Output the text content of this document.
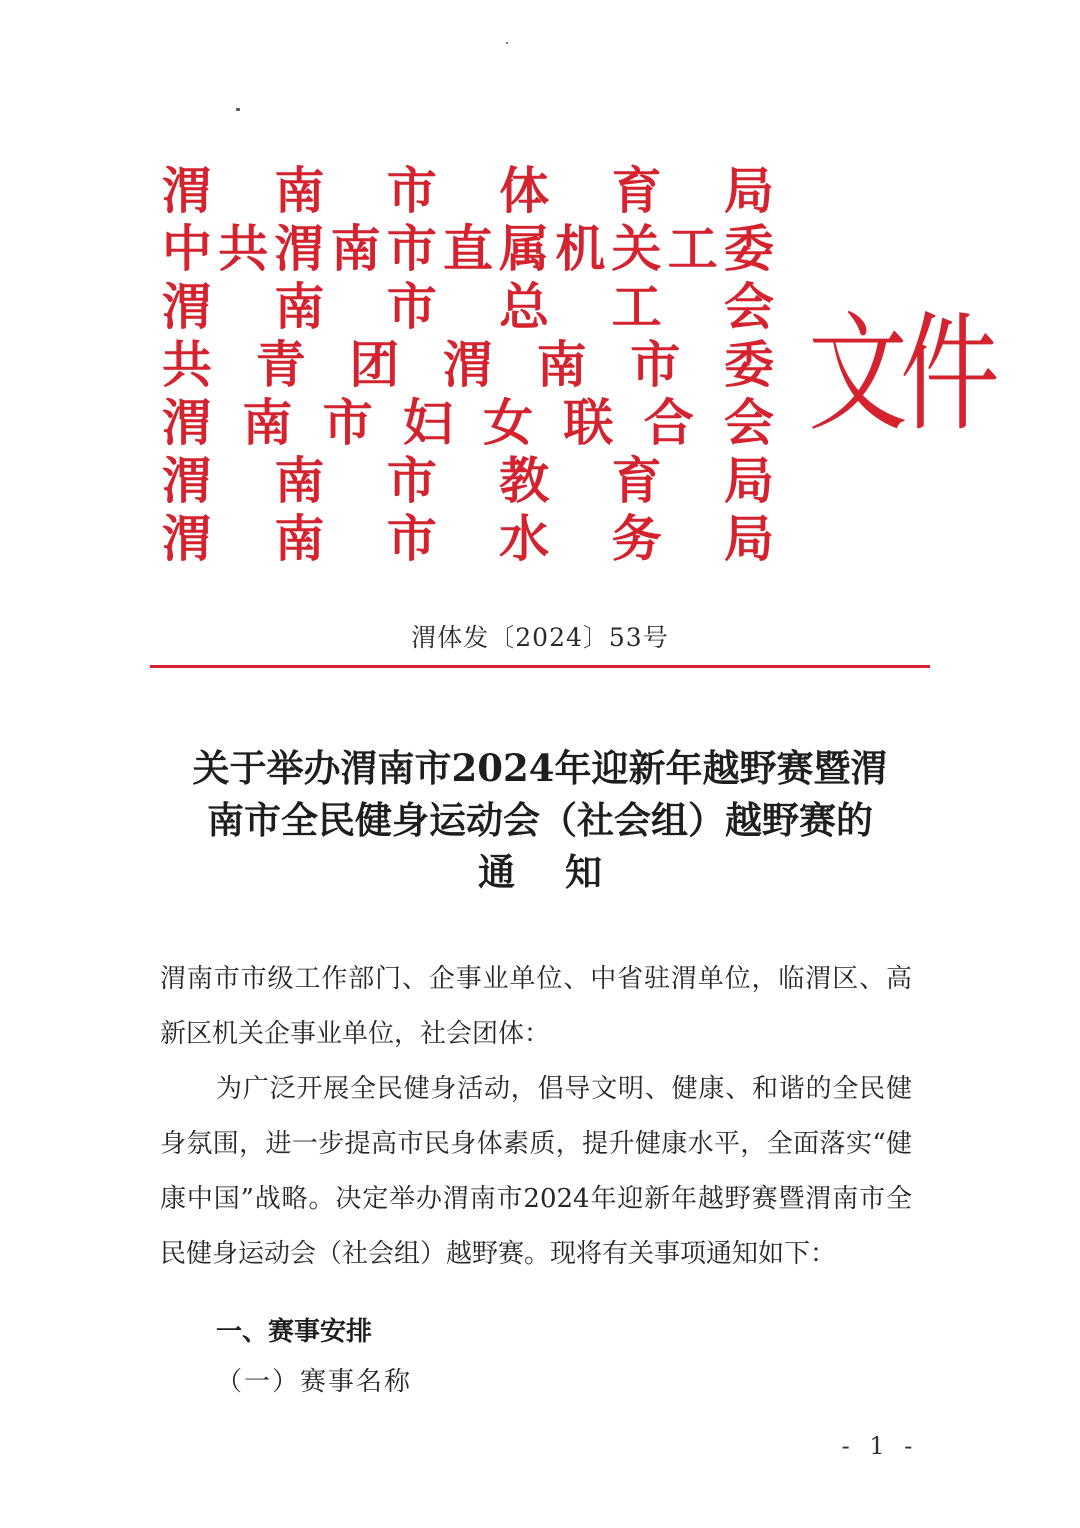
渭 南 市 体 育 局
中 共 渭 南 市 直 属 机 关 工 委
渭 南 市 总 工 会
共 青 团 渭 南 市 委
渭 南 市 妇 女 联 合 会
渭 南 市 教 育 局
渭 南 市 水 务 局
文件
渭体发〔2024〕53号
关于举办渭南市2024年迎新年越野赛暨渭
南市全民健身运动会（社会组）越野赛的
通知

渭南市市级工作部门、企事业单位、中省驻渭单位，临渭区、高新区机关企事业单位，社会团体：

为广泛开展全民健身活动，倡导文明、健康、和谐的全民健身氛围，进一步提高市民身体素质，提升健康水平，全面落实“健康中国”战略。决定举办渭南市2024年迎新年越野赛暨渭南市全民健身运动会（社会组）越野赛。现将有关事项通知如下：

一、赛事安排
（一）赛事名称
- 1 -
